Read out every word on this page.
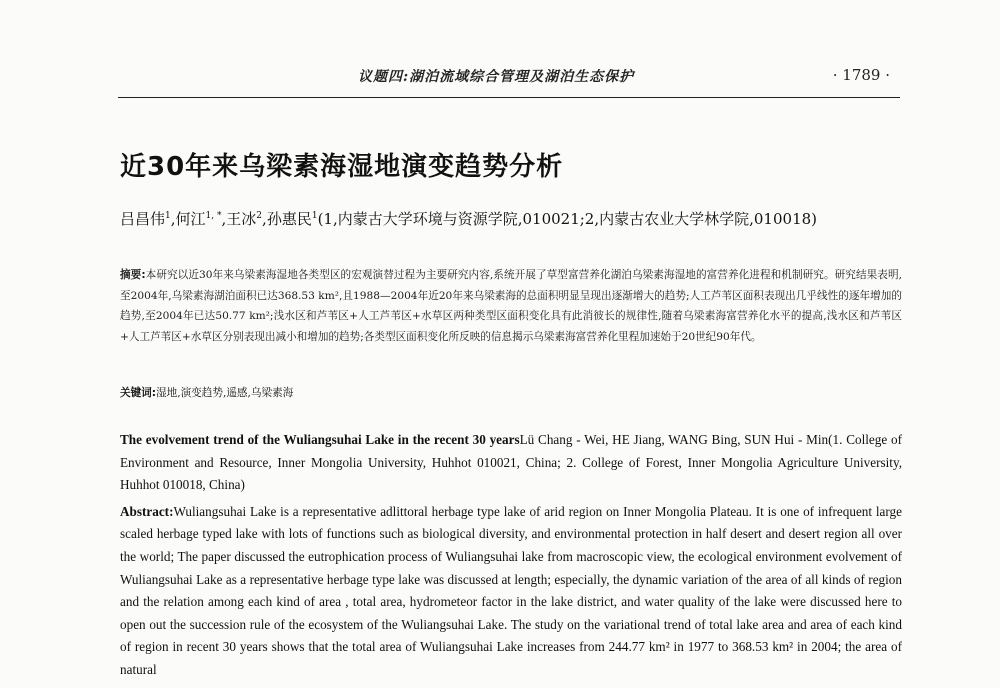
议题四:湖泊流域综合管理及湖泊生态保护	· 1789 ·
近30年来乌梁素海湿地演变趋势分析
吕昌伟$^1$,何江$^{1, *}$,王冰$^2$,孙惠民$^1$(1,内蒙古大学环境与资源学院,010021;2,内蒙古农业大学林学院,010018)
摘要:本研究以近30年来乌梁素海湿地各类型区的宏观演替过程为主要研究内容,系统开展了草型富营养化湖泊乌梁素海湿地的富营养化进程和机制研究。研究结果表明,至2004年,乌梁素海湖泊面积已达368.53 km²,且1988—2004年近20年来乌梁素海的总面积明显呈现出逐渐增大的趋势;人工芦苇区面积表现出几乎线性的逐年增加的趋势,至2004年已达50.77 km²;浅水区和芦苇区+人工芦苇区+水草区两种类型区面积变化具有此消彼长的规律性,随着乌梁素海富营养化水平的提高,浅水区和芦苇区+人工芦苇区+水草区分别表现出减小和增加的趋势;各类型区面积变化所反映的信息揭示乌梁素海富营养化里程加速始于20世纪90年代。
关键词:湿地,演变趋势,遥感,乌梁素海
The evolvement trend of the Wuliangsuhai Lake in the recent 30 yearsLü Chang - Wei, HE Jiang, WANG Bing, SUN Hui - Min(1. College of Environment and Resource, Inner Mongolia University, Huhhot 010021, China; 2. College of Forest, Inner Mongolia Agriculture University, Huhhot 010018, China)
Abstract:Wuliangsuhai Lake is a representative adlittoral herbage type lake of arid region on Inner Mongolia Plateau. It is one of infrequent large scaled herbage typed lake with lots of functions such as biological diversity, and environmental protection in half desert and desert region all over the world; The paper discussed the eutrophication process of Wuliangsuhai lake from macroscopic view, the ecological environment evolvement of Wuliangsuhai Lake as a representative herbage type lake was discussed at length; especially, the dynamic variation of the area of all kinds of region and the relation among each kind of area , total area, hydrometeor factor in the lake district, and water quality of the lake were discussed here to open out the succession rule of the ecosystem of the Wuliangsuhai Lake. The study on the variational trend of total lake area and area of each kind of region in recent 30 years shows that the total area of Wuliangsuhai Lake increases from 244.77 km² in 1977 to 368.53 km² in 2004; the area of natural
